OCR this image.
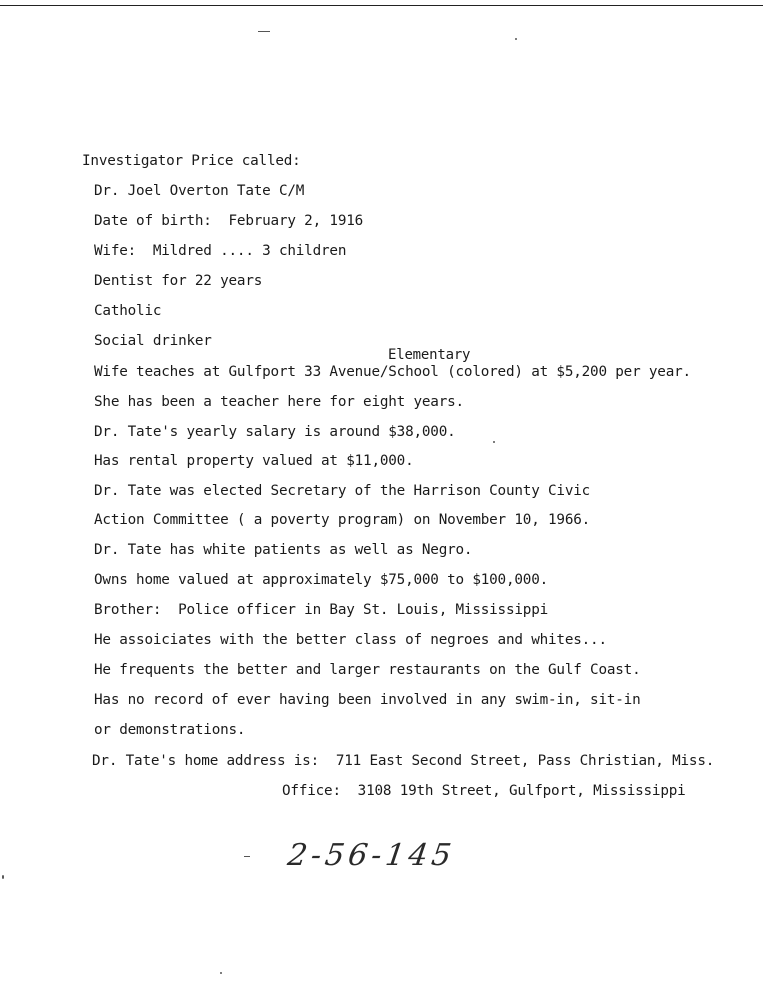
Investigator Price called:
Dr. Joel Overton Tate C/M
Date of birth:  February 2, 1916
Wife:  Mildred .... 3 children
Dentist for 22 years
Catholic
Social drinker
Elementary
Wife teaches at Gulfport 33 Avenue/School (colored) at $5,200 per year.
She has been a teacher here for eight years.
Dr. Tate's yearly salary is around $38,000.
Has rental property valued at $11,000.
Dr. Tate was elected Secretary of the Harrison County Civic
Action Committee ( a poverty program) on November 10, 1966.
Dr. Tate has white patients as well as Negro.
Owns home valued at approximately $75,000 to $100,000.
Brother:  Police officer in Bay St. Louis, Mississippi
He assoiciates with the better class of negroes and whites...
He frequents the better and larger restaurants on the Gulf Coast.
Has no record of ever having been involved in any swim-in, sit-in
or demonstrations.
Dr. Tate's home address is:  711 East Second Street, Pass Christian, Miss.
Office:  3108 19th Street, Gulfport, Mississippi
2-56-145
